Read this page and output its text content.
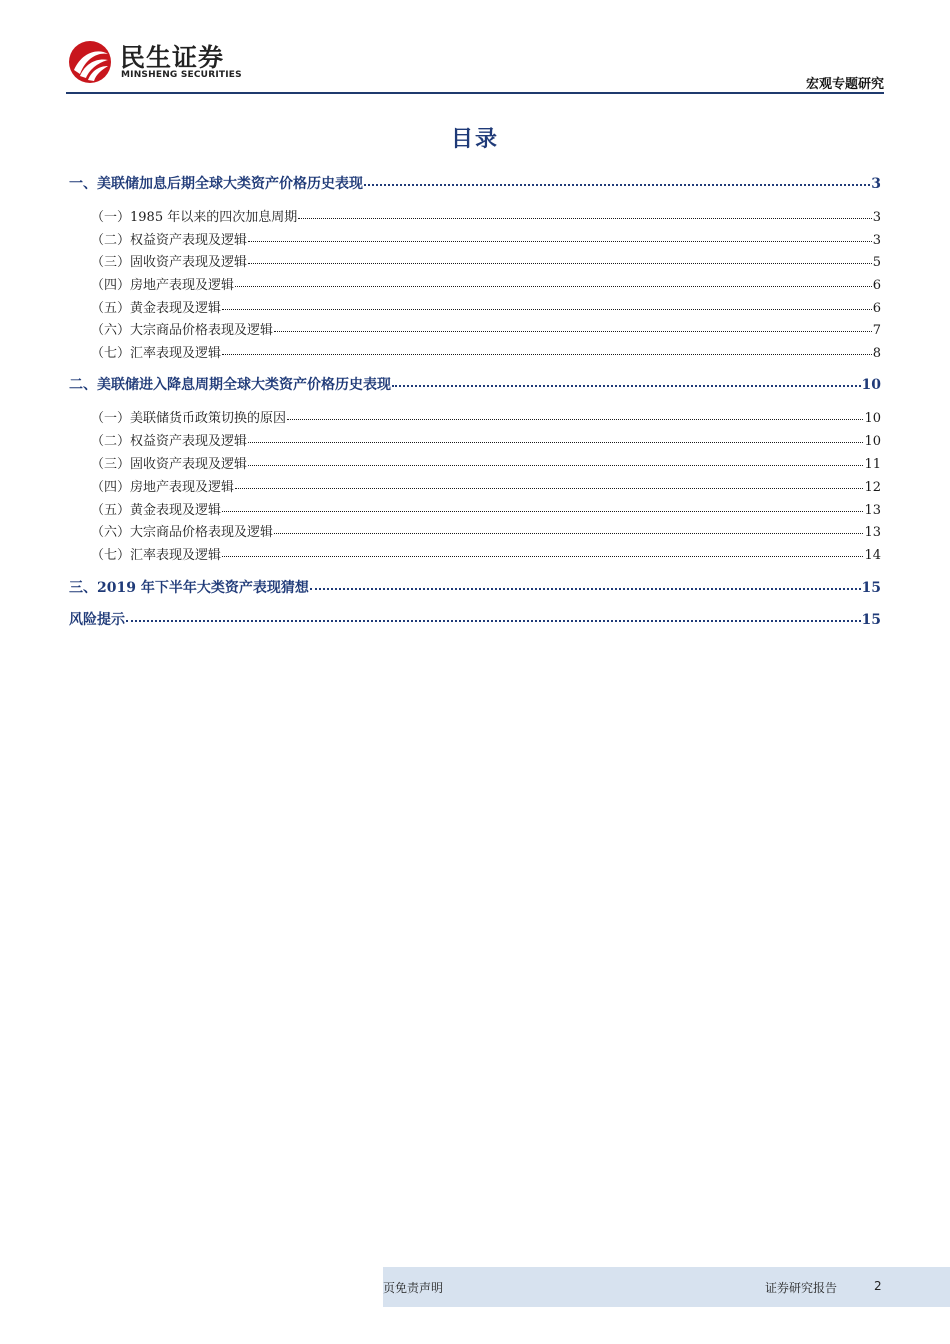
民生证券
MINSHENG SECURITIES
宏观专题研究
目录
一、美联储加息后期全球大类资产价格历史表现	3
（一）1985 年以来的四次加息周期	3
（二）权益资产表现及逻辑	3
（三）固收资产表现及逻辑	5
（四）房地产表现及逻辑	6
（五）黄金表现及逻辑	6
（六）大宗商品价格表现及逻辑	7
（七）汇率表现及逻辑	8
二、美联储进入降息周期全球大类资产价格历史表现	10
（一）美联储货币政策切换的原因	10
（二）权益资产表现及逻辑	10
（三）固收资产表现及逻辑	11
（四）房地产表现及逻辑	12
（五）黄金表现及逻辑	13
（六）大宗商品价格表现及逻辑	13
（七）汇率表现及逻辑	14
三、2019 年下半年大类资产表现猜想	15
风险提示	15
页免责声明	证券研究报告	2
